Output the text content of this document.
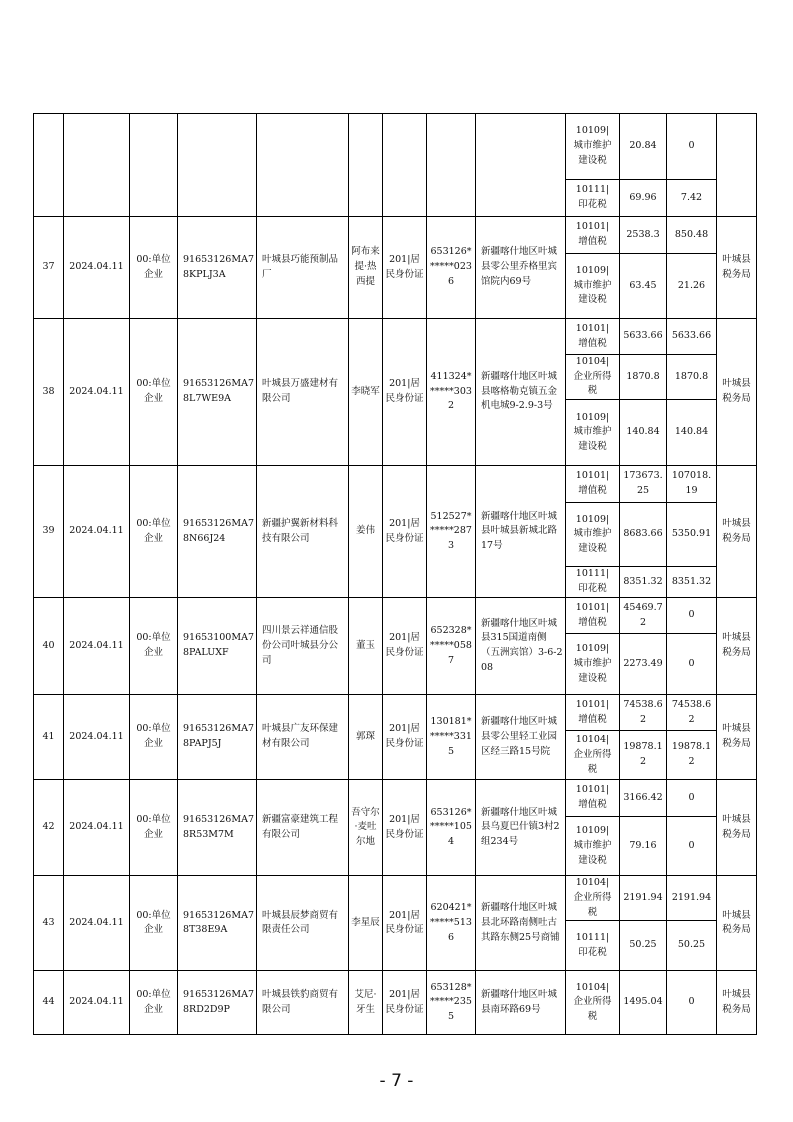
									10109|
城市维护建设税	20.84	0	
									10111|
印花税	69.96	7.42	
37	2024.04.11	00:单位企业	91653126MA78KPLJ3A	叶城县巧能预制品厂	阿布来提·热西提	201|居民身份证	653126******0236	新疆喀什地区叶城县零公里乔格里宾馆院内69号	10101|
增值税	2538.3	850.48	叶城县税务局
									10109|
城市维护建设税	63.45	21.26	
38	2024.04.11	00:单位企业	91653126MA78L7WE9A	叶城县万盛建材有限公司	李晓军	201|居民身份证	411324******3032	新疆喀什地区叶城县喀格勒克镇五金机电城9-2.9-3号	10101|
增值税	5633.66	5633.66	叶城县税务局
									10104|
企业所得税	1870.8	1870.8	
									10109|
城市维护建设税	140.84	140.84	
39	2024.04.11	00:单位企业	91653126MA78N66J24	新疆护翼新材料科技有限公司	姜伟	201|居民身份证	512527******2873	新疆喀什地区叶城县叶城县新城北路17号	10101|
增值税	173673.25	107018.19	叶城县税务局
									10109|
城市维护建设税	8683.66	5350.91	
									10111|
印花税	8351.32	8351.32	
40	2024.04.11	00:单位企业	91653100MA78PALUXF	四川景云祥通信股份公司叶城县分公司	董玉	201|居民身份证	652328******0587	新疆喀什地区叶城县315国道南侧（五洲宾馆）3-6-208	10101|
增值税	45469.72	0	叶城县税务局
									10109|
城市维护建设税	2273.49	0	
41	2024.04.11	00:单位企业	91653126MA78PAPJ5J	叶城县广友环保建材有限公司	郭琛	201|居民身份证	130181******3315	新疆喀什地区叶城县零公里轻工业园区经三路15号院	10101|
增值税	74538.62	74538.62	叶城县税务局
									10104|
企业所得税	19878.12	19878.12	
42	2024.04.11	00:单位企业	91653126MA78R53M7M	新疆富豪建筑工程有限公司	吾守尔·麦吐尔地	201|居民身份证	653126******1054	新疆喀什地区叶城县乌夏巴什镇3村2组234号	10101|
增值税	3166.42	0	叶城县税务局
									10109|
城市维护建设税	79.16	0	
43	2024.04.11	00:单位企业	91653126MA78T38E9A	叶城县辰梦商贸有限责任公司	李星辰	201|居民身份证	620421******5136	新疆喀什地区叶城县北环路南侧吐古其路东侧25号商铺	10104|
企业所得税	2191.94	2191.94	叶城县税务局
									10111|
印花税	50.25	50.25	
44	2024.04.11	00:单位企业	91653126MA78RD2D9P	叶城县铁豹商贸有限公司	艾尼·牙生	201|居民身份证	653128******2355	新疆喀什地区叶城县南环路69号	10104|
企业所得税	1495.04	0	叶城县税务局
- 7 -
